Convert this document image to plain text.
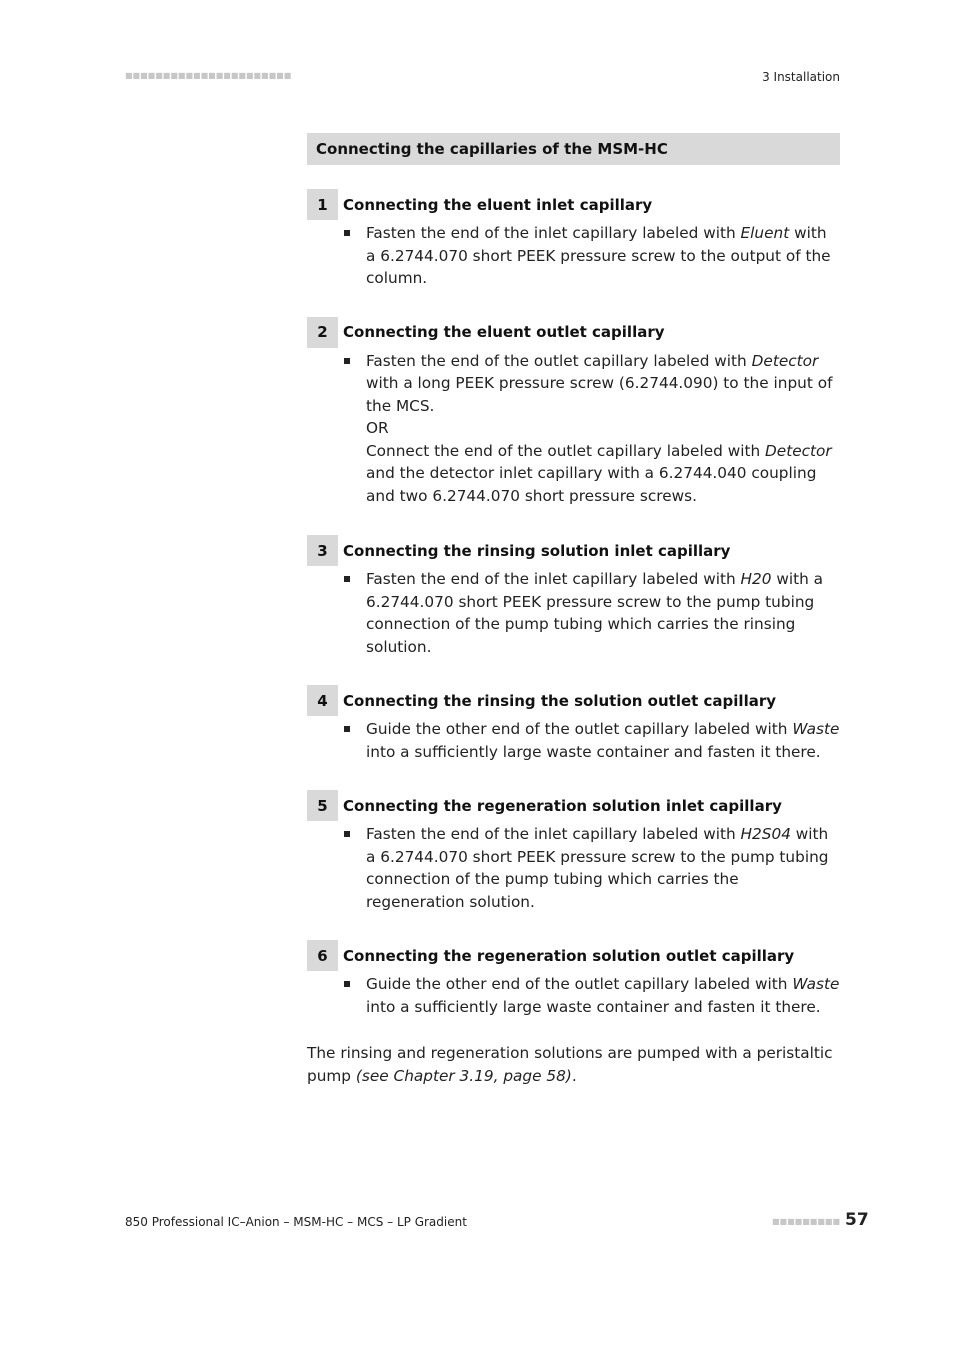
■■■■■■■■■■■■■■■■■■■■■■	3 Installation
Connecting the capillaries of the MSM-HC
1	Connecting the eluent inlet capillary
Fasten the end of the inlet capillary labeled with Eluent with a 6.2744.070 short PEEK pressure screw to the output of the column.
2	Connecting the eluent outlet capillary
Fasten the end of the outlet capillary labeled with Detector with a long PEEK pressure screw (6.2744.090) to the input of the MCS.
OR
Connect the end of the outlet capillary labeled with Detector and the detector inlet capillary with a 6.2744.040 coupling and two 6.2744.070 short pressure screws.
3	Connecting the rinsing solution inlet capillary
Fasten the end of the inlet capillary labeled with H20 with a 6.2744.070 short PEEK pressure screw to the pump tubing connection of the pump tubing which carries the rinsing solution.
4	Connecting the rinsing the solution outlet capillary
Guide the other end of the outlet capillary labeled with Waste into a sufficiently large waste container and fasten it there.
5	Connecting the regeneration solution inlet capillary
Fasten the end of the inlet capillary labeled with H2S04 with a 6.2744.070 short PEEK pressure screw to the pump tubing connection of the pump tubing which carries the regeneration solution.
6	Connecting the regeneration solution outlet capillary
Guide the other end of the outlet capillary labeled with Waste into a sufficiently large waste container and fasten it there.
The rinsing and regeneration solutions are pumped with a peristaltic pump (see Chapter 3.19, page 58).
850 Professional IC–Anion – MSM-HC – MCS – LP Gradient	■■■■■■■■■ 57
